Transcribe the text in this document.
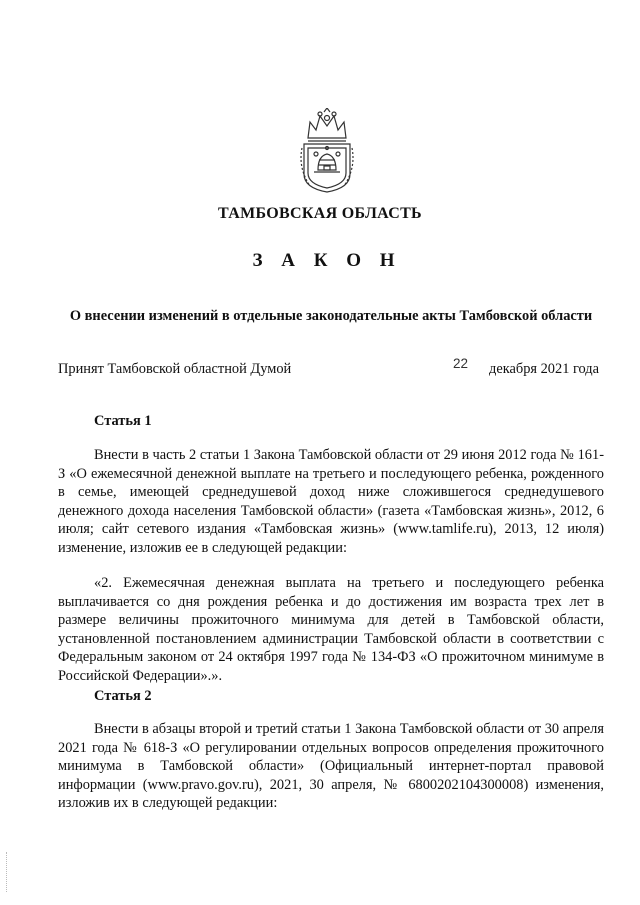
ТАМБОВСКАЯ ОБЛАСТЬ
З А К О Н
О внесении изменений в отдельные законодательные акты Тамбовской области
Принят Тамбовской областной Думой	22 декабря 2021 года
Статья 1

Внести в часть 2 статьи 1 Закона Тамбовской области от 29 июня 2012 года № 161-З «О ежемесячной денежной выплате на третьего и последующего ребенка, рожденного в семье, имеющей среднедушевой доход ниже сложившегося среднедушевого денежного дохода населения Тамбовской области» (газета «Тамбовская жизнь», 2012, 6 июля; сайт сетевого издания «Тамбовская жизнь» (www.tamlife.ru), 2013, 12 июля) изменение, изложив ее в следующей редакции:

«2. Ежемесячная денежная выплата на третьего и последующего ребенка выплачивается со дня рождения ребенка и до достижения им возраста трех лет в размере величины прожиточного минимума для детей в Тамбовской области, установленной постановлением администрации Тамбовской области в соответствии с Федеральным законом от 24 октября 1997 года № 134-ФЗ «О прожиточном минимуме в Российской Федерации».».

Статья 2

Внести в абзацы второй и третий статьи 1 Закона Тамбовской области от 30 апреля 2021 года № 618-З «О регулировании отдельных вопросов определения прожиточного минимума в Тамбовской области» (Официальный интернет-портал правовой информации (www.pravo.gov.ru), 2021, 30 апреля, № 6800202104300008) изменения, изложив их в следующей редакции:
